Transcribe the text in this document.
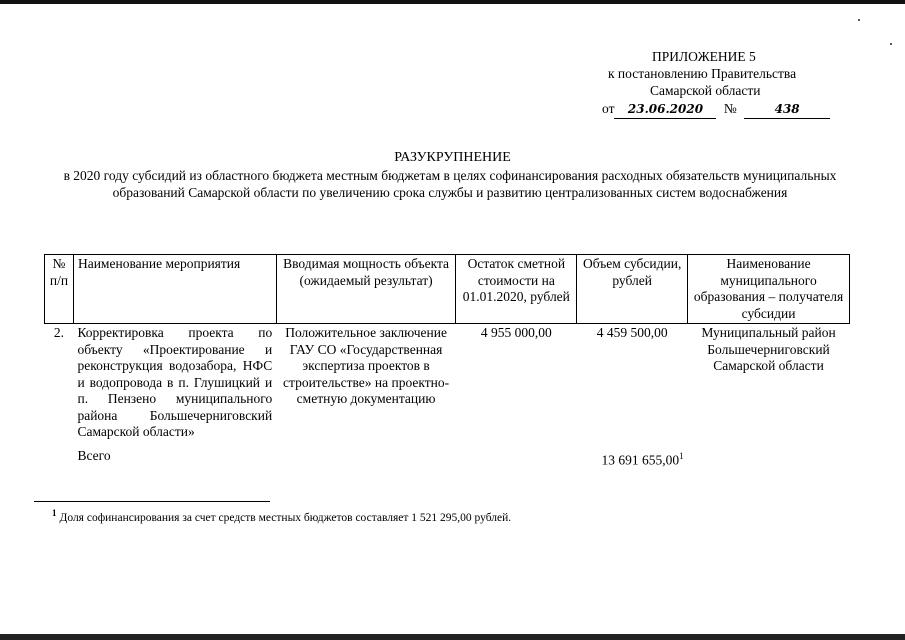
ПРИЛОЖЕНИЕ 5
к постановлению Правительства
Самарской области
от 23.06.2020 №	438
РАЗУКРУПНЕНИЕ
в 2020 году субсидий из областного бюджета местным бюджетам в целях софинансирования расходных обязательств муниципальных образований Самарской области по увеличению срока службы и развитию централизованных систем водоснабжения
№ п/п	Наименование мероприятия	Вводимая мощность объекта (ожидаемый результат)	Остаток сметной стоимости на 01.01.2020, рублей	Объем субсидии, рублей	Наименование муниципального образования – получателя субсидии
2.	Корректировка проекта по объекту «Проектирование и реконструкция водозабора, НФС и водопровода в п. Глушицкий и п. Пензено муниципального района Большечерниговский Самарской области»	Положительное заключение ГАУ СО «Государственная экспертиза проектов в строительстве» на проектно-сметную документацию	4 955 000,00	4 459 500,00	Муниципальный район Большечерниговский Самарской области
	Всего			13 691 655,00$^1$	
$^1$ Доля софинансирования за счет средств местных бюджетов составляет 1 521 295,00 рублей.
